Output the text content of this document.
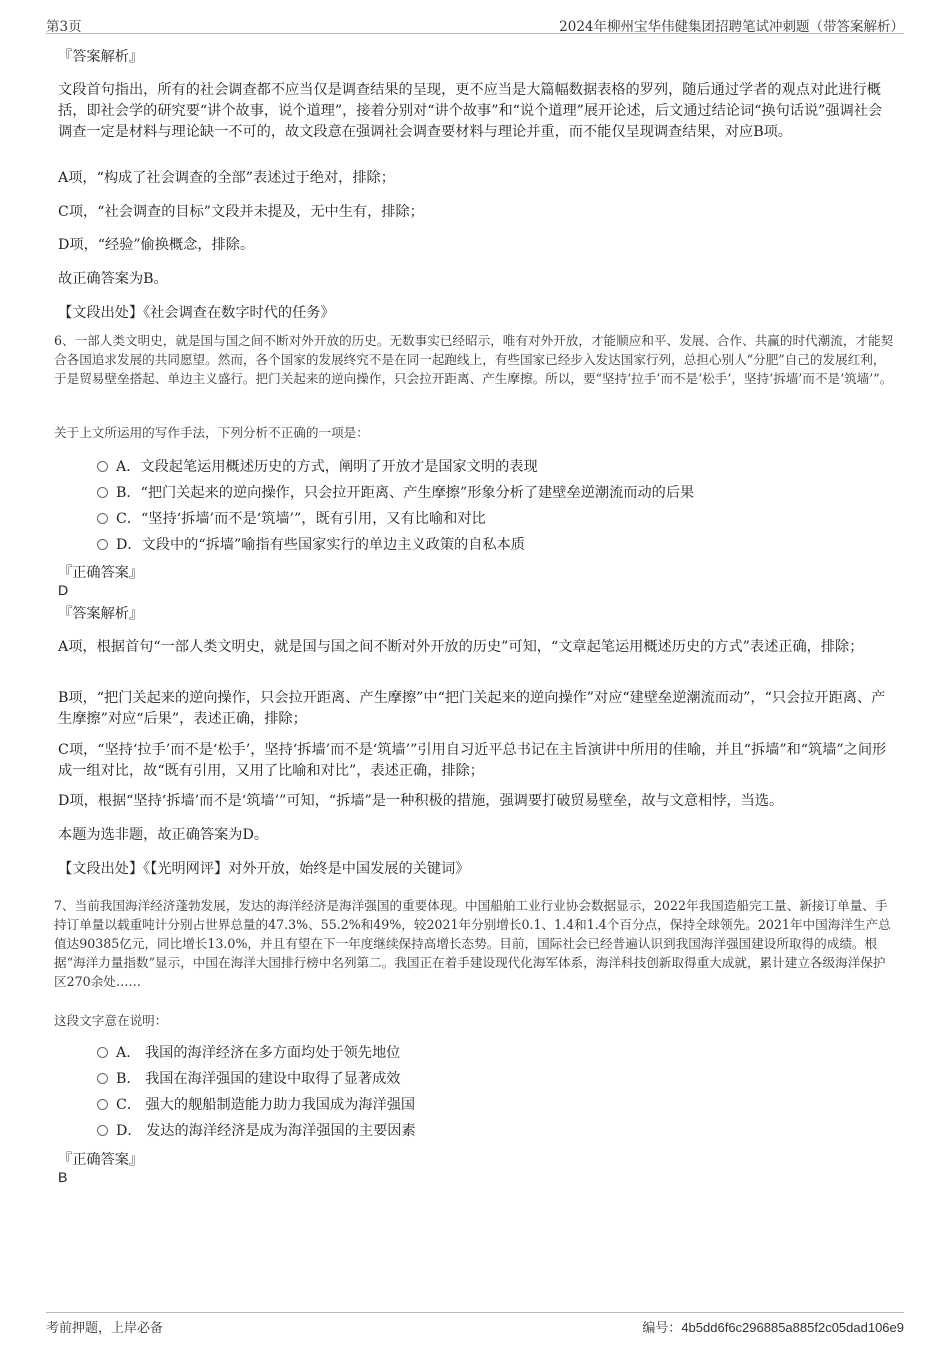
第3页	2024年柳州宝华伟健集团招聘笔试冲刺题（带答案解析）
『答案解析』
文段首句指出，所有的社会调查都不应当仅是调查结果的呈现，更不应当是大篇幅数据表格的罗列，随后通过学者的观点对此进行概括，即社会学的研究要“讲个故事，说个道理”，接着分别对“讲个故事”和“说个道理”展开论述，后文通过结论词“换句话说”强调社会调查一定是材料与理论缺一不可的，故文段意在强调社会调查要材料与理论并重，而不能仅呈现调查结果，对应B项。
A项，“构成了社会调查的全部”表述过于绝对，排除；
C项，“社会调查的目标”文段并未提及，无中生有，排除；
D项，“经验”偷换概念，排除。
故正确答案为B。
【文段出处】《社会调查在数字时代的任务》
6、一部人类文明史，就是国与国之间不断对外开放的历史。无数事实已经昭示，唯有对外开放，才能顺应和平、发展、合作、共赢的时代潮流，才能契合各国追求发展的共同愿望。然而，各个国家的发展终究不是在同一起跑线上，有些国家已经步入发达国家行列，总担心别人“分肥”自己的发展红利，于是贸易壁垒搭起、单边主义盛行。把门关起来的逆向操作，只会拉开距离、产生摩擦。所以，要“坚持‘拉手’而不是‘松手’，坚持‘拆墙’而不是‘筑墙’”。
关于上文所运用的写作手法，下列分析不正确的一项是：
A．文段起笔运用概述历史的方式，阐明了开放才是国家文明的表现
B．“把门关起来的逆向操作，只会拉开距离、产生摩擦”形象分析了建壁垒逆潮流而动的后果
C．“坚持‘拆墙’而不是‘筑墙’”，既有引用，又有比喻和对比
D．文段中的“拆墙”喻指有些国家实行的单边主义政策的自私本质
『正确答案』
D
『答案解析』
A项，根据首句“一部人类文明史，就是国与国之间不断对外开放的历史”可知，“文章起笔运用概述历史的方式”表述正确，排除；
B项，“把门关起来的逆向操作，只会拉开距离、产生摩擦”中“把门关起来的逆向操作”对应“建壁垒逆潮流而动”，“只会拉开距离、产生摩擦”对应“后果”，表述正确，排除；
C项，“坚持‘拉手’而不是‘松手’，坚持‘拆墙’而不是‘筑墙’”引用自习近平总书记在主旨演讲中所用的佳喻，并且“拆墙”和“筑墙”之间形成一组对比，故“既有引用，又用了比喻和对比”，表述正确，排除；
D项，根据“坚持‘拆墙’而不是‘筑墙’”可知，“拆墙”是一种积极的措施，强调要打破贸易壁垒，故与文意相悖，当选。
本题为选非题，故正确答案为D。
【文段出处】《【光明网评】对外开放，始终是中国发展的关键词》
7、当前我国海洋经济蓬勃发展，发达的海洋经济是海洋强国的重要体现。中国船舶工业行业协会数据显示，2022年我国造船完工量、新接订单量、手持订单量以载重吨计分别占世界总量的47.3%、55.2%和49%，较2021年分别增长0.1、1.4和1.4个百分点，保持全球领先。2021年中国海洋生产总值达90385亿元，同比增长13.0%，并且有望在下一年度继续保持高增长态势。目前，国际社会已经普遍认识到我国海洋强国建设所取得的成绩。根据“海洋力量指数”显示，中国在海洋大国排行榜中名列第二。我国正在着手建设现代化海军体系，海洋科技创新取得重大成就，累计建立各级海洋保护区270余处……
这段文字意在说明：
A． 我国的海洋经济在多方面均处于领先地位
B． 我国在海洋强国的建设中取得了显著成效
C． 强大的舰船制造能力助力我国成为海洋强国
D． 发达的海洋经济是成为海洋强国的主要因素
『正确答案』
B
考前押题，上岸必备	编号：4b5dd6f6c296885a885f2c05dad106e9
